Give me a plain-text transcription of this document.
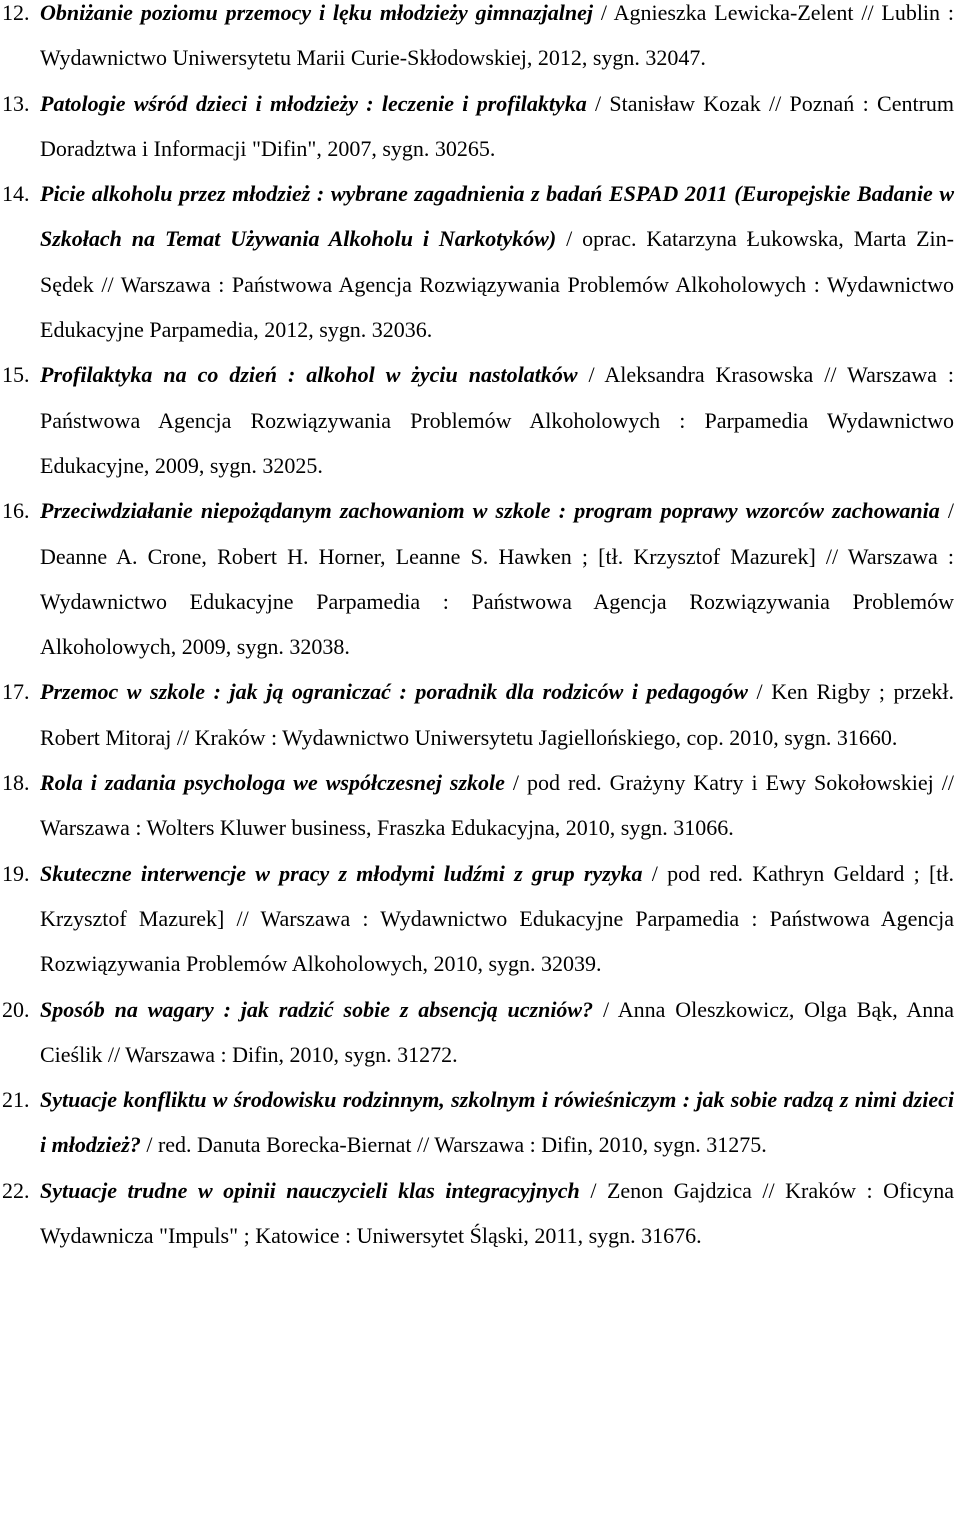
12. Obniżanie poziomu przemocy i lęku młodzieży gimnazjalnej / Agnieszka Lewicka-Zelent // Lublin : Wydawnictwo Uniwersytetu Marii Curie-Skłodowskiej, 2012, sygn. 32047.
13. Patologie wśród dzieci i młodzieży : leczenie i profilaktyka / Stanisław Kozak // Poznań : Centrum Doradztwa i Informacji "Difin", 2007, sygn. 30265.
14. Picie alkoholu przez młodzież : wybrane zagadnienia z badań ESPAD 2011 (Europejskie Badanie w Szkołach na Temat Używania Alkoholu i Narkotyków) / oprac. Katarzyna Łukowska, Marta Zin-Sędek // Warszawa : Państwowa Agencja Rozwiązywania Problemów Alkoholowych : Wydawnictwo Edukacyjne Parpamedia, 2012, sygn. 32036.
15. Profilaktyka na co dzień : alkohol w życiu nastolatków / Aleksandra Krasowska // Warszawa : Państwowa Agencja Rozwiązywania Problemów Alkoholowych : Parpamedia Wydawnictwo Edukacyjne, 2009, sygn. 32025.
16. Przeciwdziałanie niepożądanym zachowaniom w szkole : program poprawy wzorców zachowania / Deanne A. Crone, Robert H. Horner, Leanne S. Hawken ; [tł. Krzysztof Mazurek] // Warszawa : Wydawnictwo Edukacyjne Parpamedia : Państwowa Agencja Rozwiązywania Problemów Alkoholowych, 2009, sygn. 32038.
17. Przemoc w szkole : jak ją ograniczać : poradnik dla rodziców i pedagogów / Ken Rigby ; przekł. Robert Mitoraj // Kraków : Wydawnictwo Uniwersytetu Jagiellońskiego, cop. 2010, sygn. 31660.
18. Rola i zadania psychologa we współczesnej szkole / pod red. Grażyny Katry i Ewy Sokołowskiej // Warszawa : Wolters Kluwer business, Fraszka Edukacyjna, 2010, sygn. 31066.
19. Skuteczne interwencje w pracy z młodymi ludźmi z grup ryzyka / pod red. Kathryn Geldard ; [tł. Krzysztof Mazurek] // Warszawa : Wydawnictwo Edukacyjne Parpamedia : Państwowa Agencja Rozwiązywania Problemów Alkoholowych, 2010, sygn. 32039.
20. Sposób na wagary : jak radzić sobie z absencją uczniów? / Anna Oleszkowicz, Olga Bąk, Anna Cieślik // Warszawa : Difin, 2010, sygn. 31272.
21. Sytuacje konfliktu w środowisku rodzinnym, szkolnym i rówieśniczym : jak sobie radzą z nimi dzieci i młodzież? / red. Danuta Borecka-Biernat // Warszawa : Difin, 2010, sygn. 31275.
22. Sytuacje trudne w opinii nauczycieli klas integracyjnych / Zenon Gajdzica // Kraków : Oficyna Wydawnicza "Impuls" ; Katowice : Uniwersytet Śląski, 2011, sygn. 31676.
